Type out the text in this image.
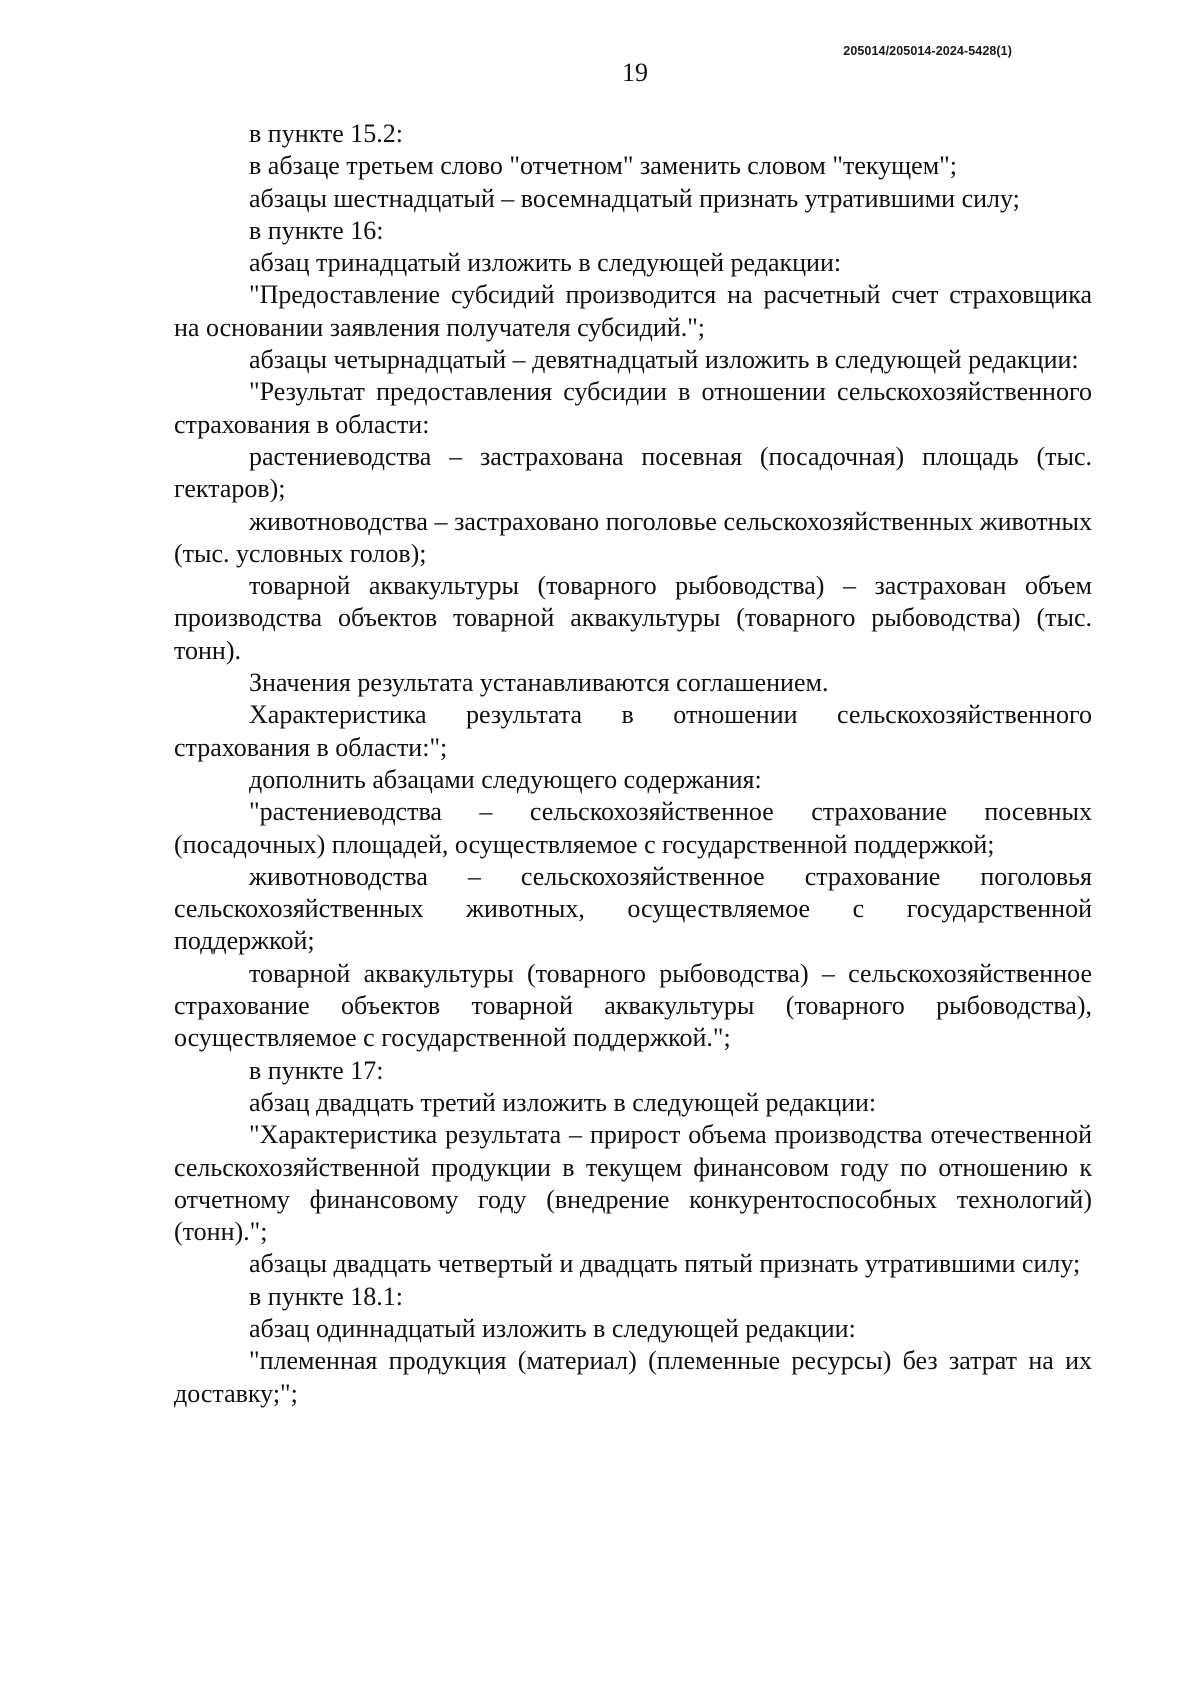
205014/205014-2024-5428(1)
19

в пункте 15.2:

в абзаце третьем слово "отчетном" заменить словом "текущем";

абзацы шестнадцатый – восемнадцатый признать утратившими силу;

в пункте 16:

абзац тринадцатый изложить в следующей редакции:

"Предоставление субсидий производится на расчетный счет страховщика на основании заявления получателя субсидий.";

абзацы четырнадцатый – девятнадцатый изложить в следующей редакции:

"Результат предоставления субсидии в отношении сельскохозяйственного страхования в области:

растениеводства – застрахована посевная (посадочная) площадь (тыс. гектаров);

животноводства – застраховано поголовье сельскохозяйственных животных (тыс. условных голов);

товарной аквакультуры (товарного рыбоводства) – застрахован объем производства объектов товарной аквакультуры (товарного рыбоводства) (тыс. тонн).

Значения результата устанавливаются соглашением.

Характеристика результата в отношении сельскохозяйственного страхования в области:";

дополнить абзацами следующего содержания:

"растениеводства – сельскохозяйственное страхование посевных (посадочных) площадей, осуществляемое с государственной поддержкой;

животноводства – сельскохозяйственное страхование поголовья сельскохозяйственных животных, осуществляемое с государственной поддержкой;

товарной аквакультуры (товарного рыбоводства) – сельскохозяйственное страхование объектов товарной аквакультуры (товарного рыбоводства), осуществляемое с государственной поддержкой.";

в пункте 17:

абзац двадцать третий изложить в следующей редакции:

"Характеристика результата – прирост объема производства отечественной сельскохозяйственной продукции в текущем финансовом году по отношению к отчетному финансовому году (внедрение конкурентоспособных технологий) (тонн).";

абзацы двадцать четвертый и двадцать пятый признать утратившими силу;

в пункте 18.1:

абзац одиннадцатый изложить в следующей редакции:

"племенная продукция (материал) (племенные ресурсы) без затрат на их доставку;";
